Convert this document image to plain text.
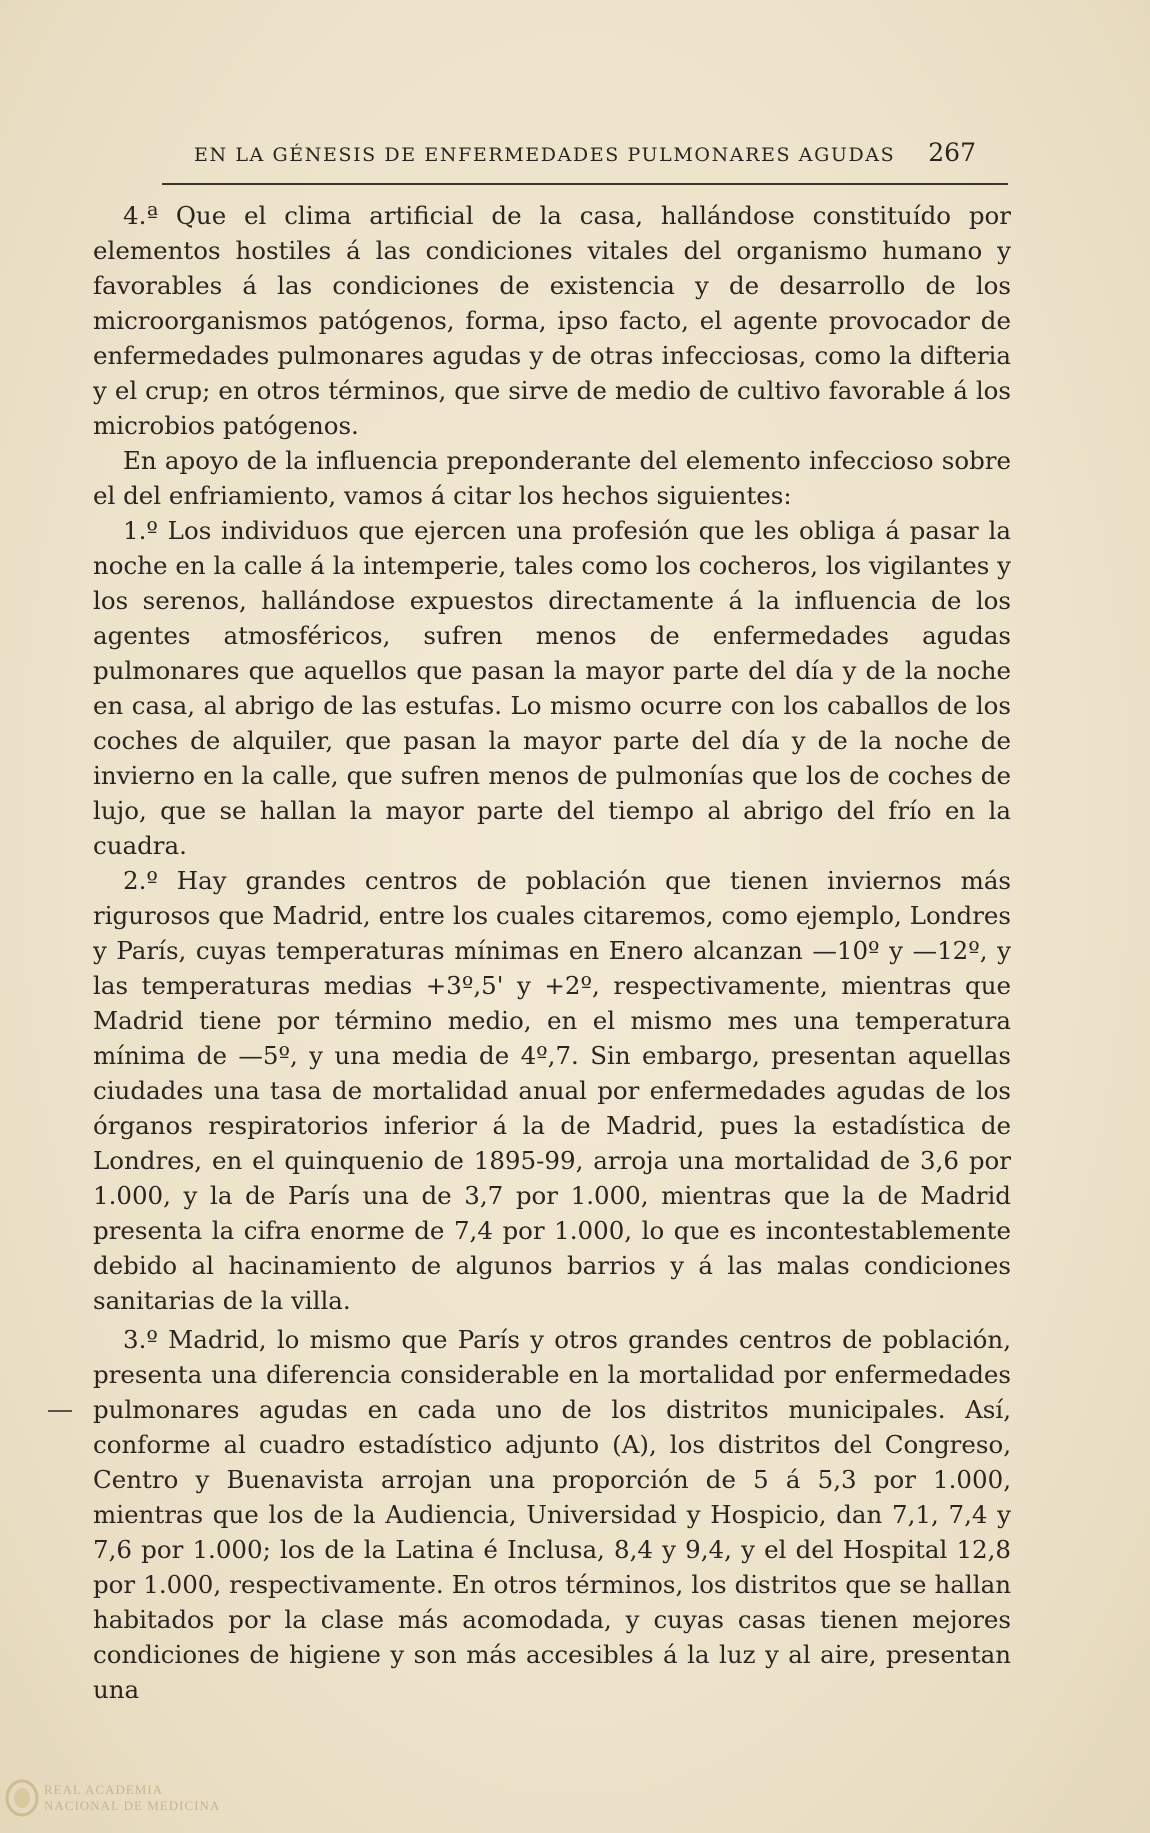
EN LA GÉNESIS DE ENFERMEDADES PULMONARES AGUDAS 267

4.ª Que el clima artificial de la casa, hallándose constituído por elementos hostiles á las condiciones vitales del organismo humano y favorables á las condiciones de existencia y de desarrollo de los microorganismos patógenos, forma, ipso facto, el agente provocador de enfermedades pulmonares agudas y de otras infecciosas, como la difteria y el crup; en otros términos, que sirve de medio de cultivo favorable á los microbios patógenos.

En apoyo de la influencia preponderante del elemento infeccioso sobre el del enfriamiento, vamos á citar los hechos siguientes:

1.º Los individuos que ejercen una profesión que les obliga á pasar la noche en la calle á la intemperie, tales como los cocheros, los vigilantes y los serenos, hallándose expuestos directamente á la influencia de los agentes atmosféricos, sufren menos de enfermedades agudas pulmonares que aquellos que pasan la mayor parte del día y de la noche en casa, al abrigo de las estufas. Lo mismo ocurre con los caballos de los coches de alquiler, que pasan la mayor parte del día y de la noche de invierno en la calle, que sufren menos de pulmonías que los de coches de lujo, que se hallan la mayor parte del tiempo al abrigo del frío en la cuadra.

2.º Hay grandes centros de población que tienen inviernos más rigurosos que Madrid, entre los cuales citaremos, como ejemplo, Londres y París, cuyas temperaturas mínimas en Enero alcanzan —10º y —12º, y las temperaturas medias +3º,5' y +2º, respectivamente, mientras que Madrid tiene por término medio, en el mismo mes una temperatura mínima de —5º, y una media de 4º,7. Sin embargo, presentan aquellas ciudades una tasa de mortalidad anual por enfermedades agudas de los órganos respiratorios inferior á la de Madrid, pues la estadística de Londres, en el quinquenio de 1895-99, arroja una mortalidad de 3,6 por 1.000, y la de París una de 3,7 por 1.000, mientras que la de Madrid presenta la cifra enorme de 7,4 por 1.000, lo que es incontestablemente debido al hacinamiento de algunos barrios y á las malas condiciones sanitarias de la villa.

3.º Madrid, lo mismo que París y otros grandes centros de población, presenta una diferencia considerable en la mortalidad por enfermedades pulmonares agudas en cada uno de los distritos municipales. Así, conforme al cuadro estadístico adjunto (A), los distritos del Congreso, Centro y Buenavista arrojan una proporción de 5 á 5,3 por 1.000, mientras que los de la Audiencia, Universidad y Hospicio, dan 7,1, 7,4 y 7,6 por 1.000; los de la Latina é Inclusa, 8,4 y 9,4, y el del Hospital 12,8 por 1.000, respectivamente. En otros términos, los distritos que se hallan habitados por la clase más acomodada, y cuyas casas tienen mejores condiciones de higiene y son más accesibles á la luz y al aire, presentan una

REAL ACADEMIA
NACIONAL DE MEDICINA
